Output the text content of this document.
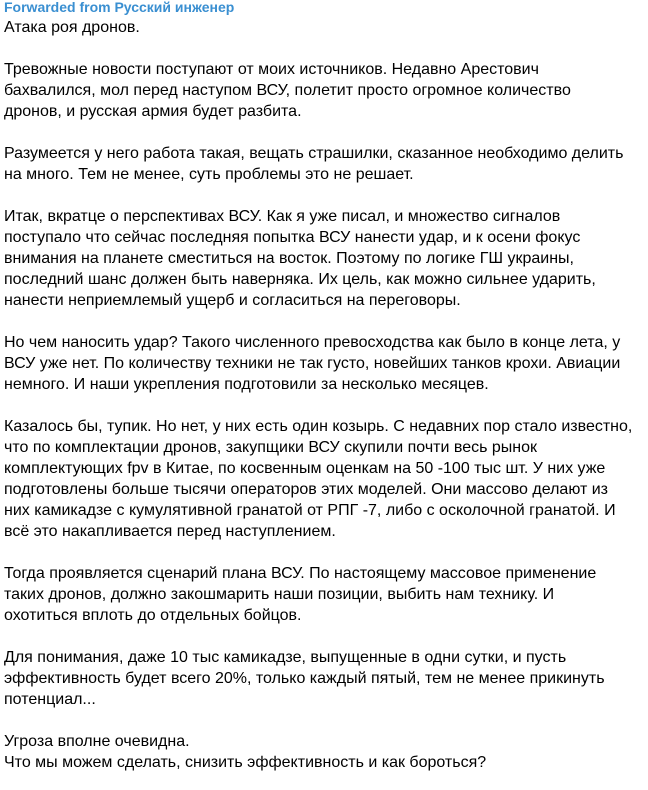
Forwarded from Русский инженер
Атака роя дронов.
Тревожные новости поступают от моих источников. Недавно Арестович
бахвалился, мол перед наступом ВСУ, полетит просто огромное количество
дронов, и русская армия будет разбита.
Разумеется у него работа такая, вещать страшилки, сказанное необходимо делить
на много. Тем не менее, суть проблемы это не решает.
Итак, вкратце о перспективах ВСУ. Как я уже писал, и множество сигналов
поступало что сейчас последняя попытка ВСУ нанести удар, и к осени фокус
внимания на планете сместиться на восток. Поэтому по логике ГШ украины,
последний шанс должен быть наверняка. Их цель, как можно сильнее ударить,
нанести неприемлемый ущерб и согласиться на переговоры.
Но чем наносить удар? Такого численного превосходства как было в конце лета, у
ВСУ уже нет. По количеству техники не так густо, новейших танков крохи. Авиации
немного. И наши укрепления подготовили за несколько месяцев.
Казалось бы, тупик. Но нет, у них есть один козырь. С недавних пор стало известно,
что по комплектации дронов, закупщики ВСУ скупили почти весь рынок
комплектующих fpv в Китае, по косвенным оценкам на 50 -100 тыс шт. У них уже
подготовлены больше тысячи операторов этих моделей. Они массово делают из
них камикадзе с кумулятивной гранатой от РПГ -7, либо с осколочной гранатой. И
всё это накапливается перед наступлением.
Тогда проявляется сценарий плана ВСУ. По настоящему массовое применение
таких дронов, должно закошмарить наши позиции, выбить нам технику. И
охотиться вплоть до отдельных бойцов.
Для понимания, даже 10 тыс камикадзе, выпущенные в одни сутки, и пусть
эффективность будет всего 20%, только каждый пятый, тем не менее прикинуть
потенциал...
Угроза вполне очевидна.
Что мы можем сделать, снизить эффективность и как бороться?
